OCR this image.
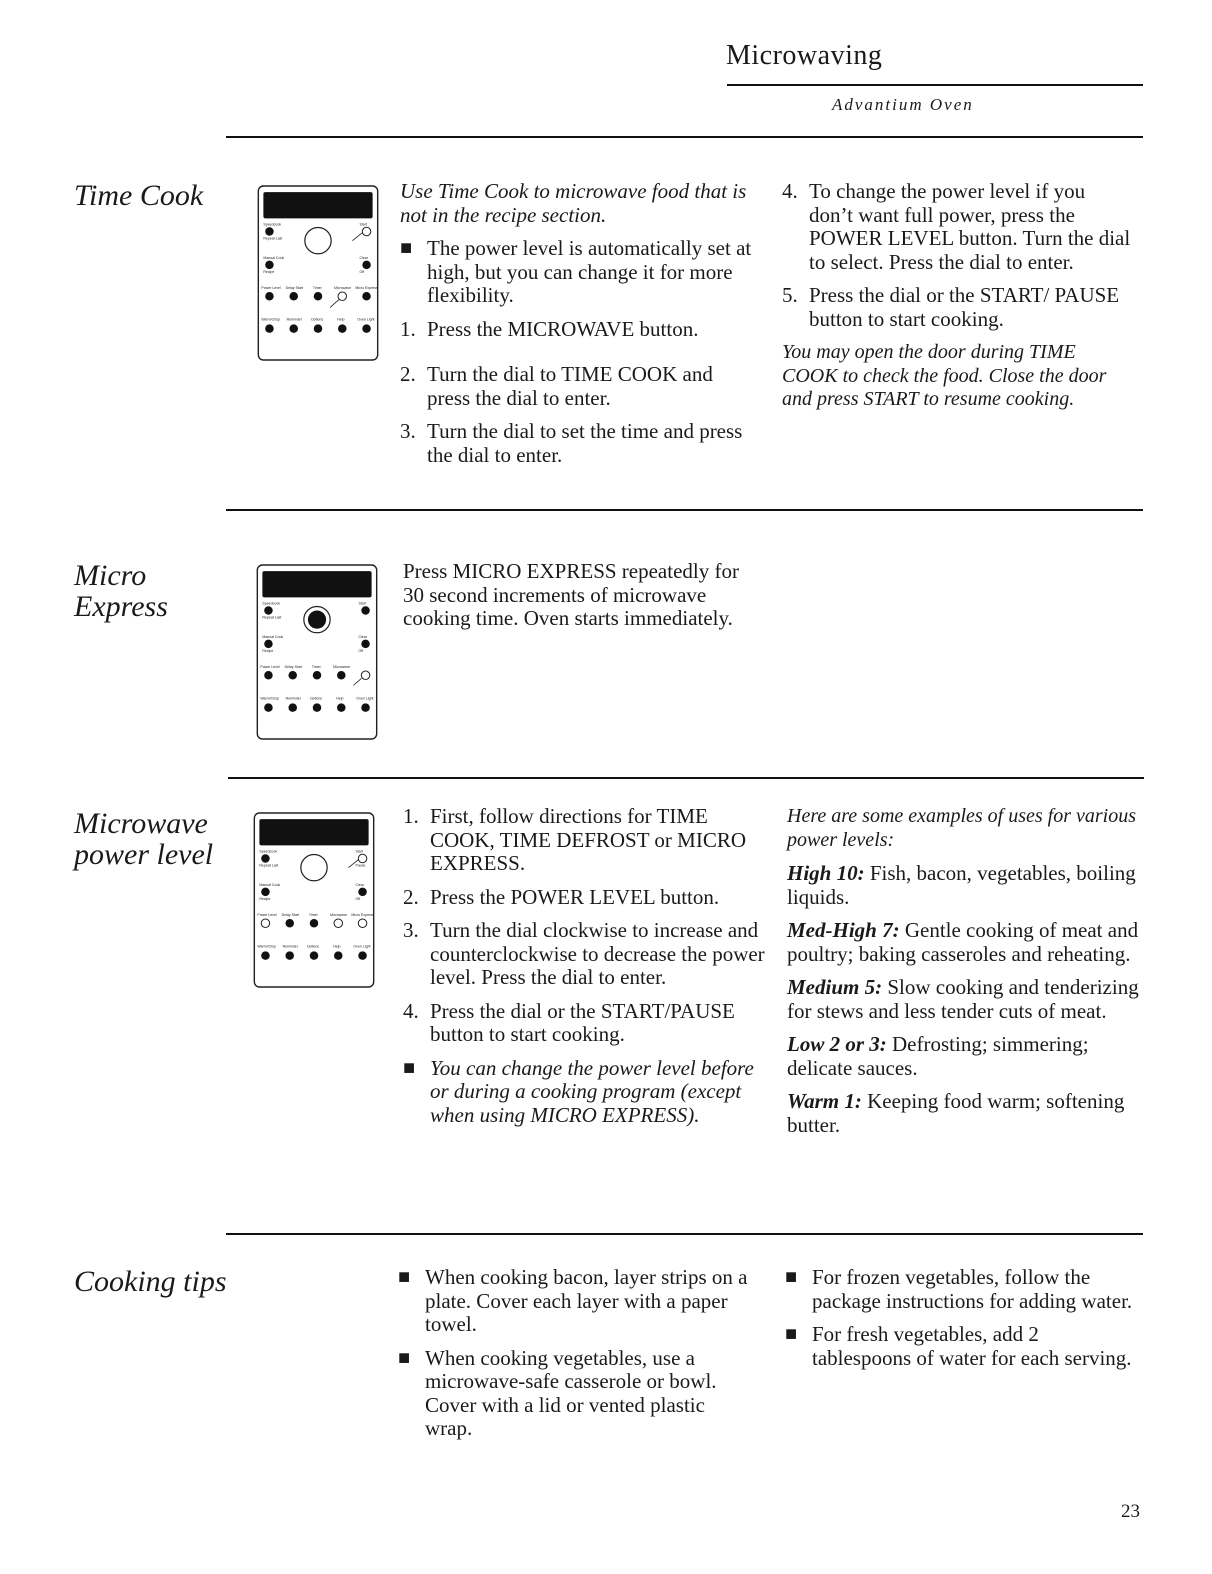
Microwaving
Advantium Oven
Time Cook
Speedcook
Repeat Last
Start
Manual Cook
Recipe
Clear
Off
Power Level Delay Start	Timer	Microwave Micro Express
Warm/Crisp Reminder	Options	Help	Oven Light

Use Time Cook to microwave food that is not in the recipe section.

■ The power level is automatically set at high, but you can change it for more flexibility.
1. Press the MICROWAVE button.
2. Turn the dial to TIME COOK and press the dial to enter.
3. Turn the dial to set the time and press the dial to enter.
4. To change the power level if you don’t want full power, press the POWER LEVEL button. Turn the dial to select. Press the dial to enter.
5. Press the dial or the START/ PAUSE button to start cooking.

You may open the door during TIME COOK to check the food. Close the door and press START to resume cooking.

Micro
Express	Speedcook
Repeat Last
Start
Manual Cook
Recipe
Clear
Off
Power Level Delay Start	Timer	Microwave
Warm/Crisp Reminder	Options	Help	Oven Light
Press MICRO EXPRESS repeatedly for 30 second increments of microwave cooking time. Oven starts immediately.
Microwave
power level	Speedcook
Repeat Last
Start
Pause
Manual Cook
Recipe
Clear
Off
Power Level Delay Start	Timer	Microwave Micro Express
Warm/Crisp Reminder	Options	Help	Oven Light
1. First, follow directions for TIME COOK, TIME DEFROST or MICRO EXPRESS.
2. Press the POWER LEVEL button.
3. Turn the dial clockwise to increase and counterclockwise to decrease the power level. Press the dial to enter.
4. Press the dial or the START/PAUSE button to start cooking.
■ You can change the power level before or during a cooking program (except when using MICRO EXPRESS).

Here are some examples of uses for various power levels:

High 10: Fish, bacon, vegetables, boiling liquids.
Med-High 7: Gentle cooking of meat and poultry; baking casseroles and reheating.
Medium 5: Slow cooking and tenderizing for stews and less tender cuts of meat.
Low 2 or 3: Defrosting; simmering; delicate sauces.
Warm 1: Keeping food warm; softening butter.
Cooking tips	■ When cooking bacon, layer strips on a plate. Cover each layer with a paper towel.
■ When cooking vegetables, use a microwave-safe casserole or bowl. Cover with a lid or vented plastic wrap.
■ For frozen vegetables, follow the package instructions for adding water.
■ For fresh vegetables, add 2 tablespoons of water for each serving.
23
